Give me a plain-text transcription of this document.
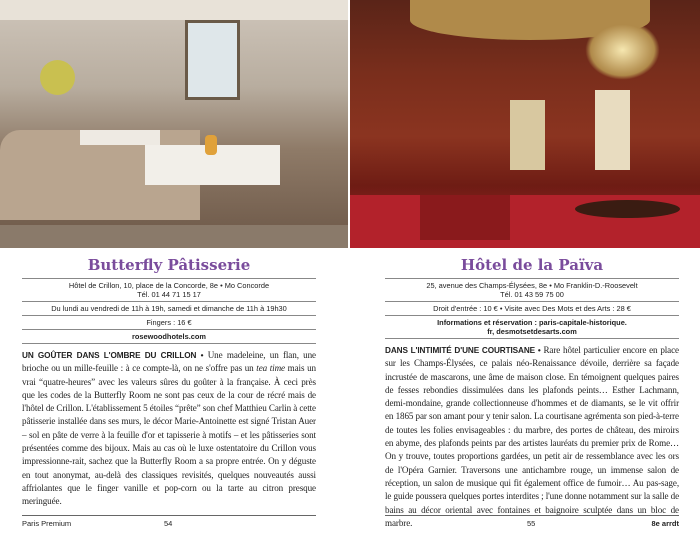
Butterfly Pâtisserie
Hôtel de Crillon, 10, place de la Concorde, 8e • Mo Concorde
Tél. 01 44 71 15 17
Du lundi au vendredi de 11h à 19h, samedi et dimanche de 11h à 19h30
Fingers : 16 €
rosewoodhotels.com

UN GOÛTER DANS L'OMBRE DU CRILLON • Une madeleine, un flan, une brioche ou un mille-feuille : à ce compte-là, on ne s'offre pas un tea time mais un vrai “quatre-heures” avec les valeurs sûres du goûter à la française. À ceci près que les codes de la Butterfly Room ne sont pas ceux de la cour de récré mais de l'hôtel de Crillon. L'établissement 5 étoiles “prête” son chef Matthieu Carlin à cette pâtisserie installée dans ses murs, le décor Marie-Antoinette est signé Tristan Auer – sol en pâte de verre à la feuille d'or et tapisserie à motifs – et les pâtisseries sont présentées comme des bijoux. Mais au cas où le luxe ostentatoire du Crillon vous impressionne-rait, sachez que la Butterfly Room a sa propre entrée. On y déguste en tout anonymat, au-delà des classiques revisités, quelques nouveautés aussi affriolantes que le finger vanille et pop-corn ou la tarte au citron presque meringuée.

Hôtel de la Païva
25, avenue des Champs-Élysées, 8e • Mo Franklin-D.-Roosevelt
Tél. 01 43 59 75 00
Droit d'entrée : 10 € • Visite avec Des Mots et des Arts : 28 €
Informations et réservation : paris-capitale-historique.
fr, desmotsetdesarts.com

DANS L'INTIMITÉ D'UNE COURTISANE • Rare hôtel particulier encore en place sur les Champs-Élysées, ce palais néo-Renaissance dévoile, derrière sa façade incrustée de mascarons, une âme de maison close. En témoignent quelques paires de fesses rebondies dissimulées dans les plafonds peints… Esther Lachmann, demi-mondaine, grande collectionneuse d'hommes et de diamants, se le vit offrir en 1865 par son amant pour y tenir salon. La courtisane agrémenta son pied-à-terre de toutes les folies envisageables : du marbre, des portes de château, des miroirs en abyme, des plafonds peints par des artistes lauréats du premier prix de Rome… On y trouve, toutes proportions gardées, un petit air de ressemblance avec les ors de l'Opéra Garnier. Traversons une antichambre rouge, un immense salon de réception, un salon de musique qui fit également office de fumoir… Au pas-sage, le guide poussera quelques portes interdites ; l'une donne notamment sur la salle de bains au décor oriental avec fontaines et baignoire sculptée dans un bloc de marbre.

Paris Premium	54	55	8e arrdt
